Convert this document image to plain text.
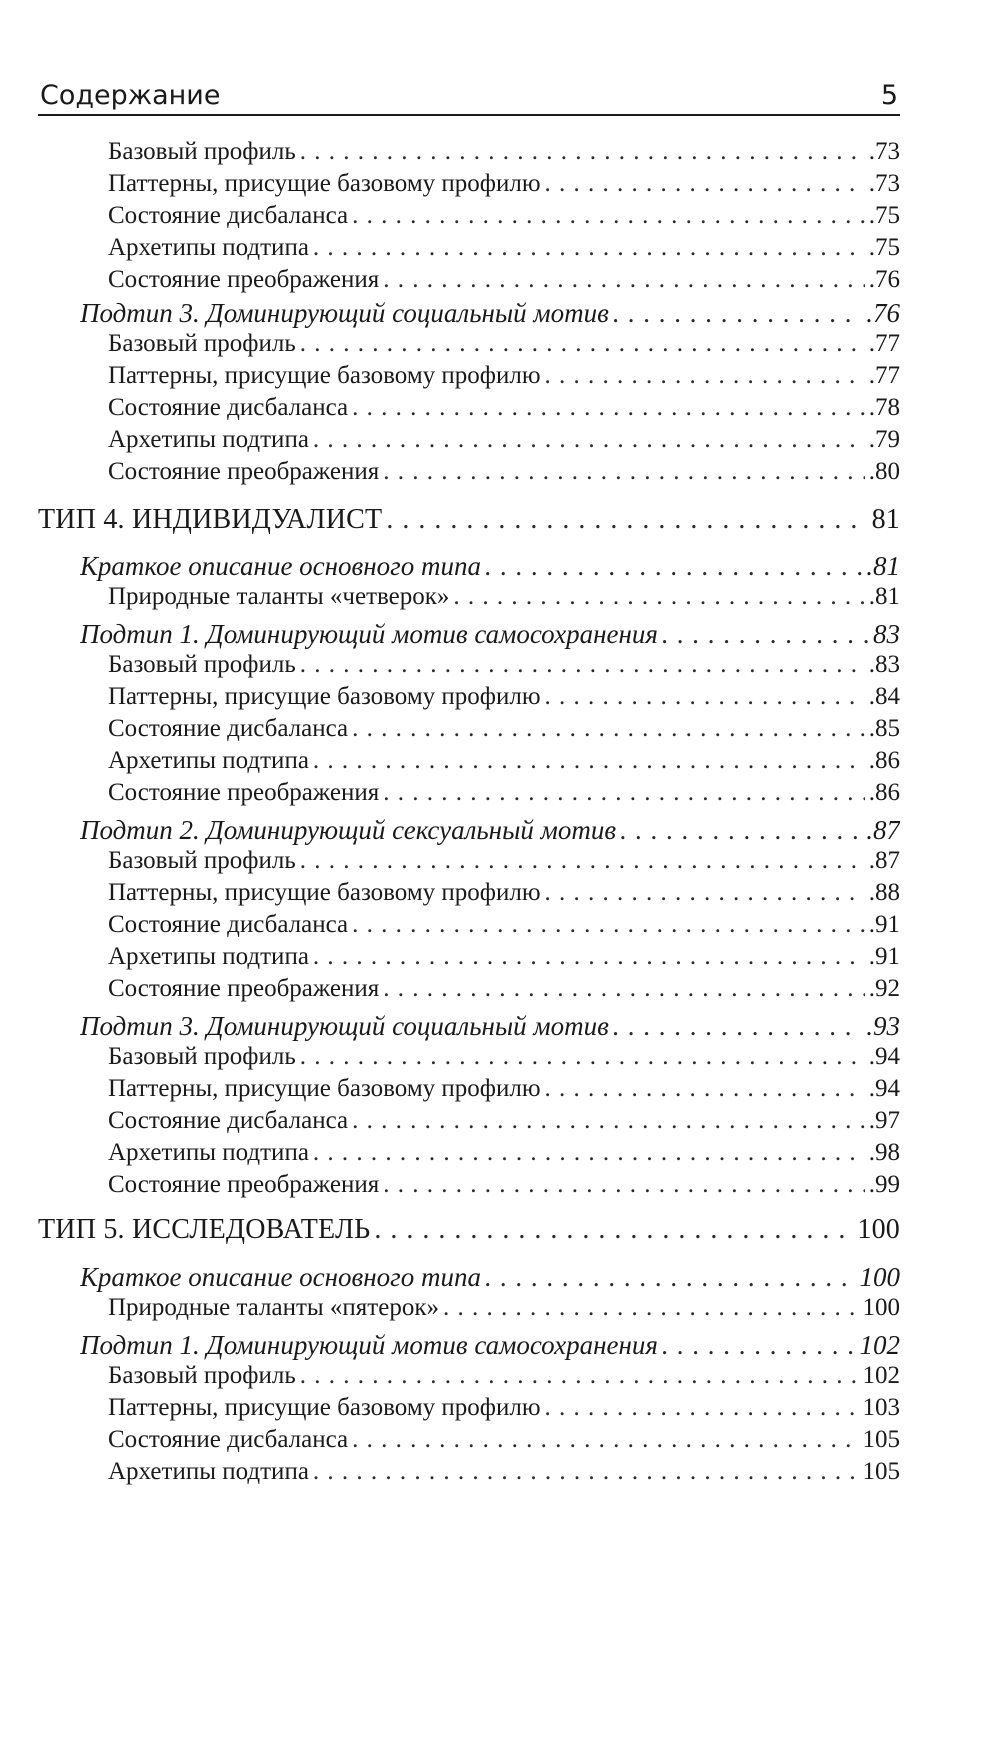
Содержание	5
Базовый профиль . . .	.73
Паттерны, присущие базовому профилю . . .	.73
Состояние дисбаланса . . .	.75
Архетипы подтипа . . .	.75
Состояние преображения . . .	.76
Подтип 3. Доминирующий социальный мотив . . .	.76
Базовый профиль . . .	.77
Паттерны, присущие базовому профилю . . .	.77
Состояние дисбаланса . . .	.78
Архетипы подтипа . . .	.79
Состояние преображения . . .	.80
ТИП 4. ИНДИВИДУАЛИСТ . . .	81
Краткое описание основного типа . . .	.81
Природные таланты «четверок» . . .	.81
Подтип 1. Доминирующий мотив самосохранения . . .	83
Базовый профиль . . .	.83
Паттерны, присущие базовому профилю . . .	.84
Состояние дисбаланса . . .	.85
Архетипы подтипа . . .	.86
Состояние преображения . . .	.86
Подтип 2. Доминирующий сексуальный мотив . . .	.87
Базовый профиль . . .	.87
Паттерны, присущие базовому профилю . . .	.88
Состояние дисбаланса . . .	.91
Архетипы подтипа . . .	.91
Состояние преображения . . .	.92
Подтип 3. Доминирующий социальный мотив . . .	.93
Базовый профиль . . .	.94
Паттерны, присущие базовому профилю . . .	.94
Состояние дисбаланса . . .	.97
Архетипы подтипа . . .	.98
Состояние преображения . . .	.99
ТИП 5. ИССЛЕДОВАТЕЛЬ . . .	100
Краткое описание основного типа . . .	100
Природные таланты «пятерок» . . .	100
Подтип 1. Доминирующий мотив самосохранения . . .	102
Базовый профиль . . .	102
Паттерны, присущие базовому профилю . . .	103
Состояние дисбаланса . . .	105
Архетипы подтипа . . .	105
